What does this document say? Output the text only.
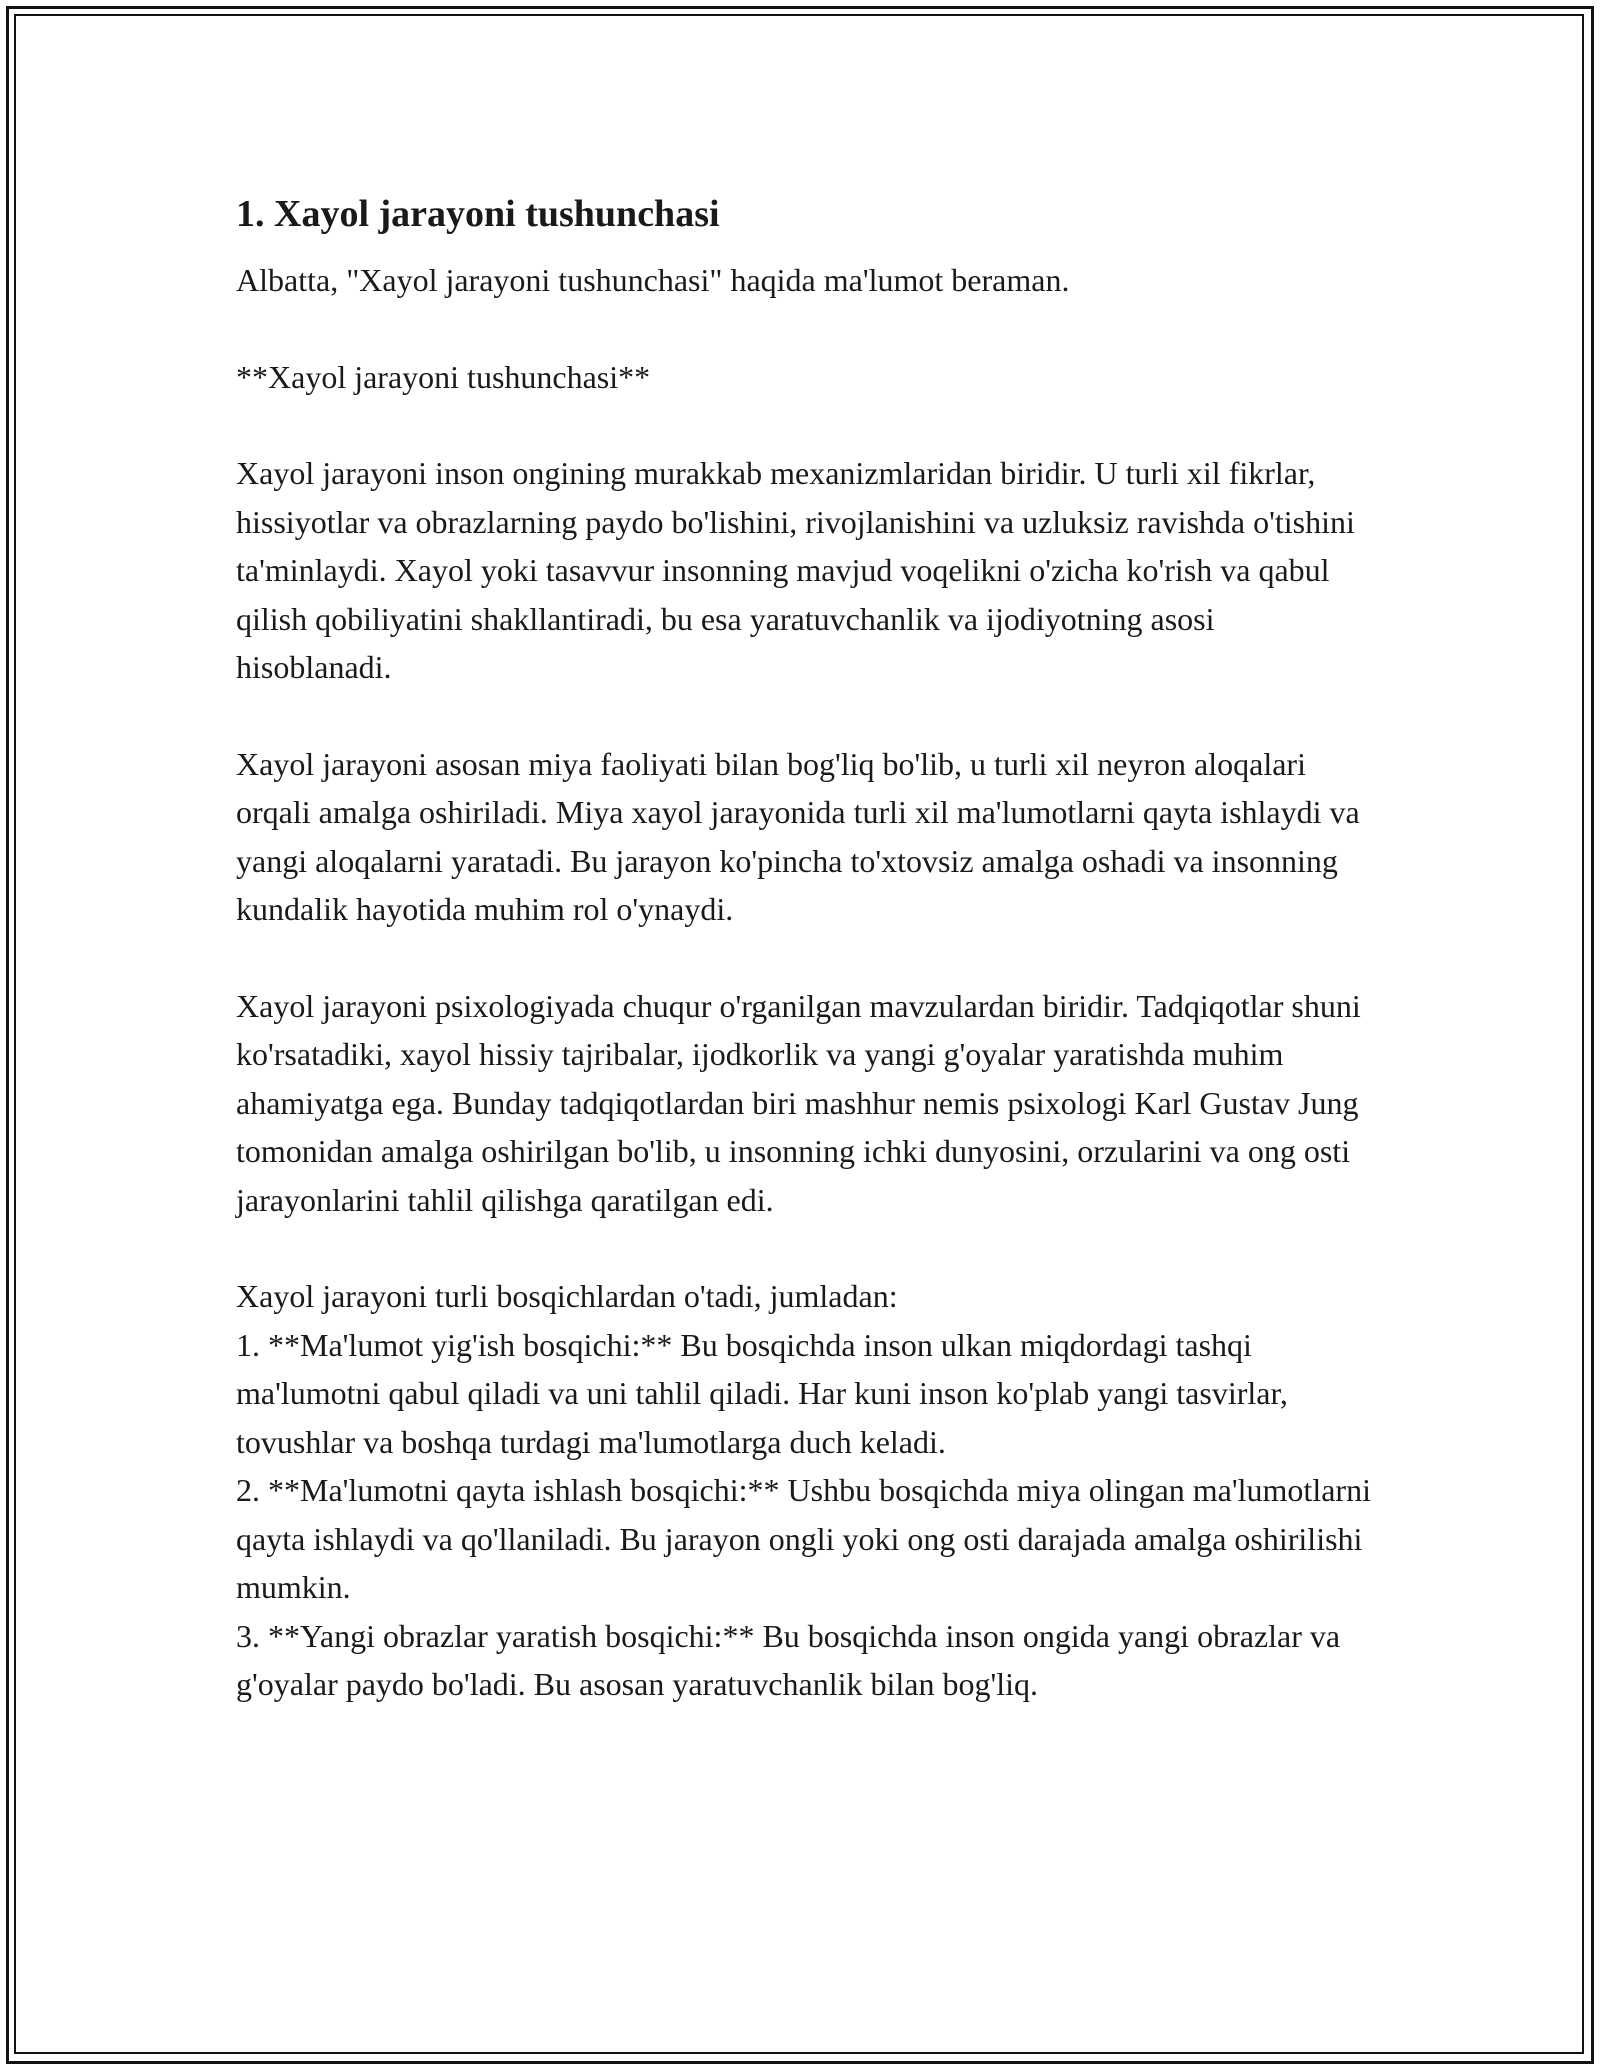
1. Xayol jarayoni tushunchasi

Albatta, "Xayol jarayoni tushunchasi" haqida ma'lumot beraman.

**Xayol jarayoni tushunchasi**

Xayol jarayoni inson ongining murakkab mexanizmlaridan biridir. U turli xil fikrlar, hissiyotlar va obrazlarning paydo bo'lishini, rivojlanishini va uzluksiz ravishda o'tishini ta'minlaydi. Xayol yoki tasavvur insonning mavjud voqelikni o'zicha ko'rish va qabul qilish qobiliyatini shakllantiradi, bu esa yaratuvchanlik va ijodiyotning asosi hisoblanadi.

Xayol jarayoni asosan miya faoliyati bilan bog'liq bo'lib, u turli xil neyron aloqalari orqali amalga oshiriladi. Miya xayol jarayonida turli xil ma'lumotlarni qayta ishlaydi va yangi aloqalarni yaratadi. Bu jarayon ko'pincha to'xtovsiz amalga oshadi va insonning kundalik hayotida muhim rol o'ynaydi.

Xayol jarayoni psixologiyada chuqur o'rganilgan mavzulardan biridir. Tadqiqotlar shuni ko'rsatadiki, xayol hissiy tajribalar, ijodkorlik va yangi g'oyalar yaratishda muhim ahamiyatga ega. Bunday tadqiqotlardan biri mashhur nemis psixologi Karl Gustav Jung tomonidan amalga oshirilgan bo'lib, u insonning ichki dunyosini, orzularini va ong osti jarayonlarini tahlil qilishga qaratilgan edi.

Xayol jarayoni turli bosqichlardan o'tadi, jumladan:

1. **Ma'lumot yig'ish bosqichi:** Bu bosqichda inson ulkan miqdordagi tashqi ma'lumotni qabul qiladi va uni tahlil qiladi. Har kuni inson ko'plab yangi tasvirlar, tovushlar va boshqa turdagi ma'lumotlarga duch keladi.

2. **Ma'lumotni qayta ishlash bosqichi:** Ushbu bosqichda miya olingan ma'lumotlarni qayta ishlaydi va qo'llaniladi. Bu jarayon ongli yoki ong osti darajada amalga oshirilishi mumkin.

3. **Yangi obrazlar yaratish bosqichi:** Bu bosqichda inson ongida yangi obrazlar va g'oyalar paydo bo'ladi. Bu asosan yaratuvchanlik bilan bog'liq.
